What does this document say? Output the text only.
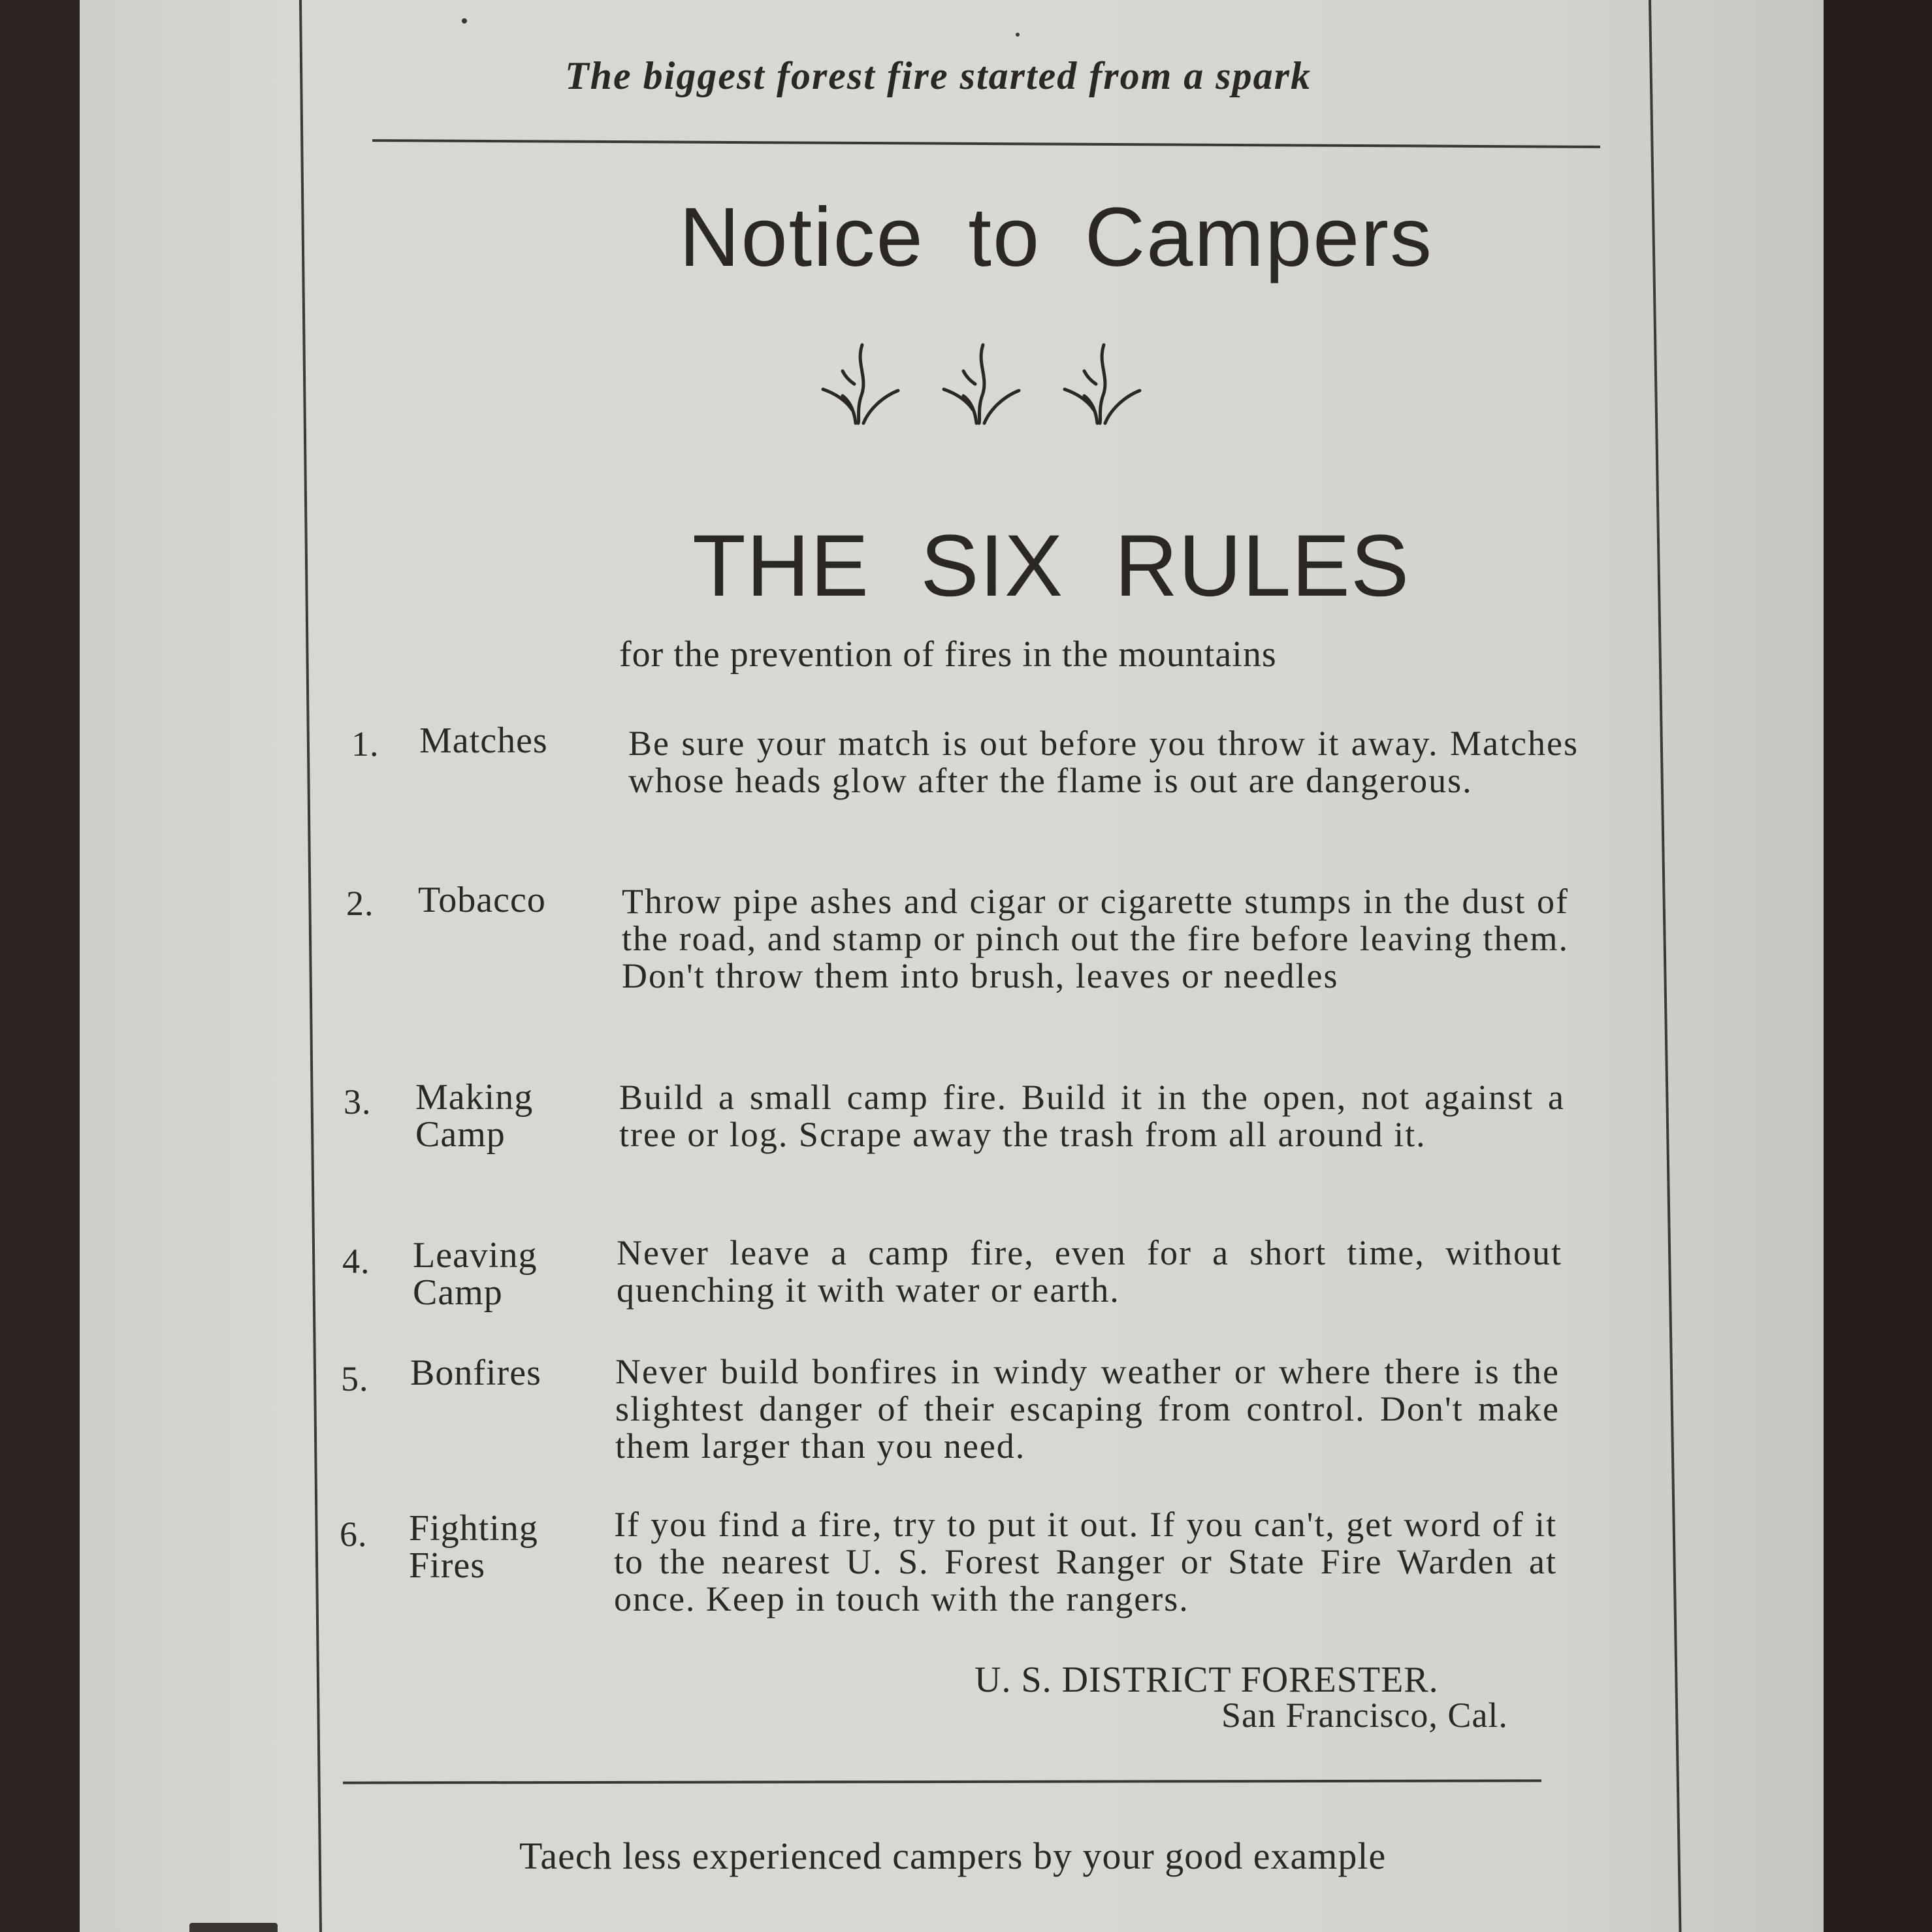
The biggest forest fire started from a spark
Notice to Campers
THE SIX RULES
for the prevention of fires in the mountains
1. Matches Be sure your match is out before you throw it away. Matches whose heads glow after the flame is out are dangerous.
2. Tobacco Throw pipe ashes and cigar or cigarette stumps in the dust of the road, and stamp or pinch out the fire before leaving them. Don't throw them into brush, leaves or needles
3. Making Camp
Build a small camp fire. Build it in the open, not against a tree or log. Scrape away the trash from all around it.
4. Leaving Camp
Never leave a camp fire, even for a short time, without quenching it with water or earth.
5. Bonfires Never build bonfires in windy weather or where there is the slightest danger of their escaping from control. Don't make them larger than you need.
6. Fighting Fires
If you find a fire, try to put it out. If you can't, get word of it to the nearest U. S. Forest Ranger or State Fire Warden at once. Keep in touch with the rangers.
U. S. DISTRICT FORESTER.
San Francisco, Cal.
Taech less experienced campers by your good example
